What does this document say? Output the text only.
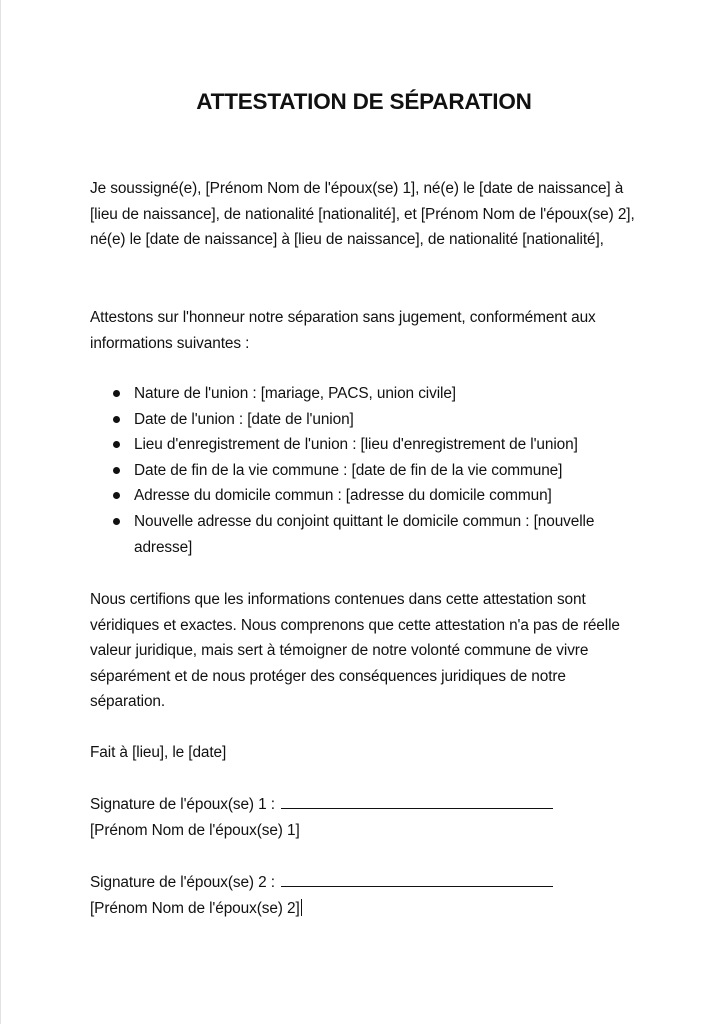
ATTESTATION DE SÉPARATION

Je soussigné(e), [Prénom Nom de l'époux(se) 1], né(e) le [date de naissance] à [lieu de naissance], de nationalité [nationalité], et [Prénom Nom de l'époux(se) 2], né(e) le [date de naissance] à [lieu de naissance], de nationalité [nationalité],

Attestons sur l'honneur notre séparation sans jugement, conformément aux informations suivantes :

Nature de l'union : [mariage, PACS, union civile]
Date de l'union : [date de l'union]
Lieu d'enregistrement de l'union : [lieu d'enregistrement de l'union]
Date de fin de la vie commune : [date de fin de la vie commune]
Adresse du domicile commun : [adresse du domicile commun]
Nouvelle adresse du conjoint quittant le domicile commun : [nouvelle adresse]

Nous certifions que les informations contenues dans cette attestation sont véridiques et exactes. Nous comprenons que cette attestation n'a pas de réelle valeur juridique, mais sert à témoigner de notre volonté commune de vivre séparément et de nous protéger des conséquences juridiques de notre séparation.

Fait à [lieu], le [date]

Signature de l'époux(se) 1 :

[Prénom Nom de l'époux(se) 1]

Signature de l'époux(se) 2 :

[Prénom Nom de l'époux(se) 2]
